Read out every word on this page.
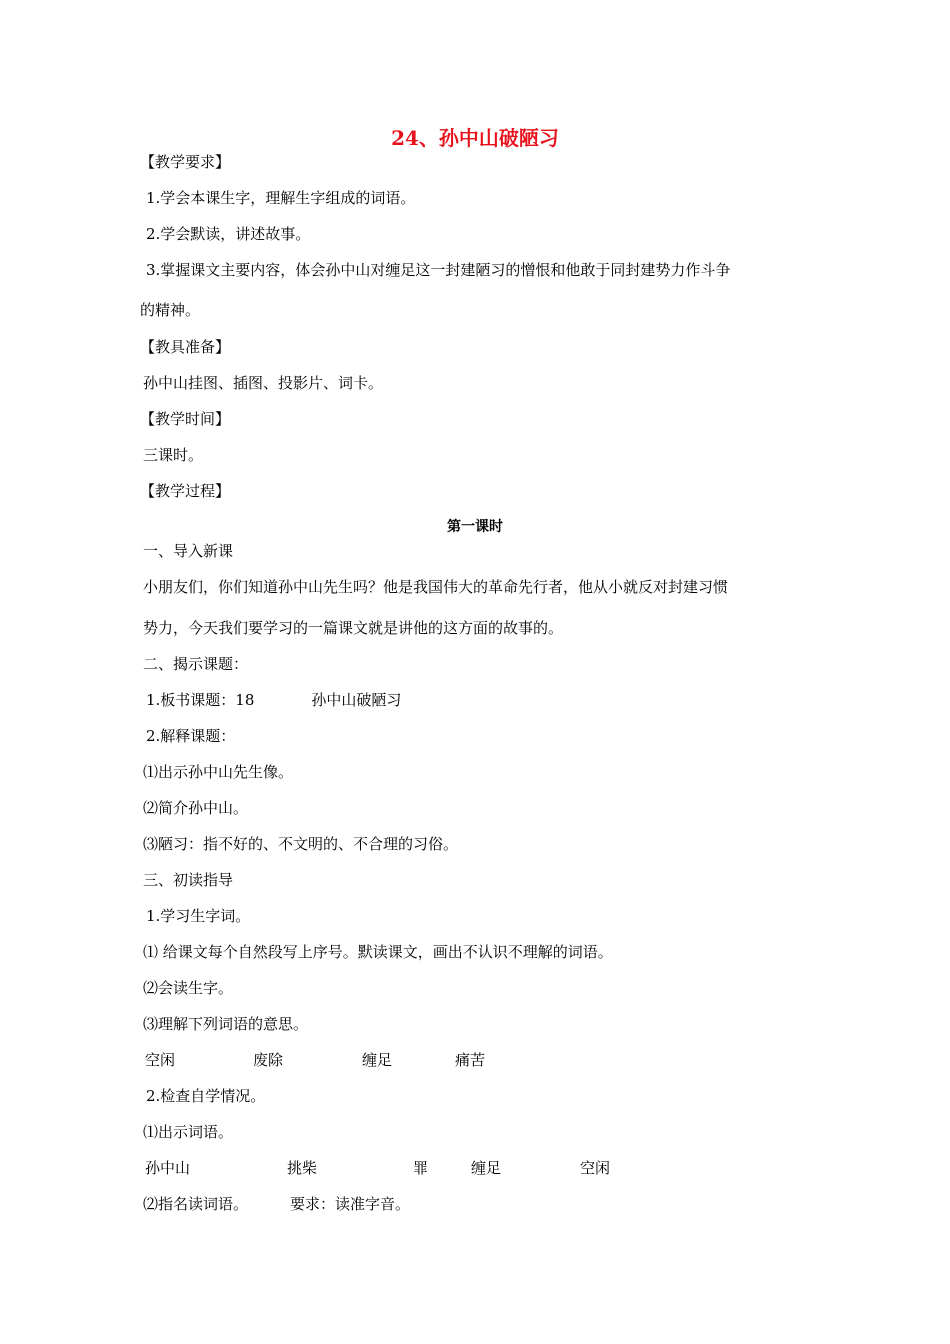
24、孙中山破陋习
【教学要求】
1.学会本课生字，理解生字组成的词语。
2.学会默读，讲述故事。
3.掌握课文主要内容，体会孙中山对缠足这一封建陋习的憎恨和他敢于同封建势力作斗争
的精神。
【教具准备】
孙中山挂图、插图、投影片、词卡。
【教学时间】
三课时。
【教学过程】
第一课时
一、导入新课
小朋友们，你们知道孙中山先生吗？他是我国伟大的革命先行者，他从小就反对封建习惯
势力，今天我们要学习的一篇课文就是讲他的这方面的故事的。
二、揭示课题：
1.板书课题：18	孙中山破陋习
2.解释课题：
⑴出示孙中山先生像。
⑵简介孙中山。
⑶陋习：指不好的、不文明的、不合理的习俗。
三、初读指导
1.学习生字词。
⑴ 给课文每个自然段写上序号。默读课文，画出不认识不理解的词语。
⑵会读生字。
⑶理解下列词语的意思。
空闲	废除	缠足	痛苦
2.检查自学情况。
⑴出示词语。
孙中山	挑柴	罪	缠足	空闲
⑵指名读词语。	要求：读准字音。
